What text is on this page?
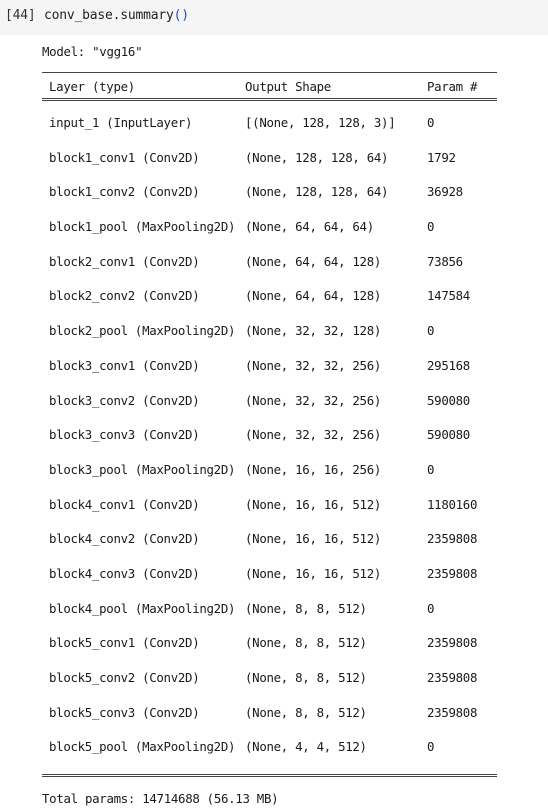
[44] conv_base.summary()
Model: "vgg16"
Layer (type)	Output Shape	Param #
input_1 (InputLayer)	[(None, 128, 128, 3)]	0
block1_conv1 (Conv2D)	(None, 128, 128, 64)	1792
block1_conv2 (Conv2D)	(None, 128, 128, 64)	36928
block1_pool (MaxPooling2D) (None, 64, 64, 64)	0
block2_conv1 (Conv2D)	(None, 64, 64, 128)	73856
block2_conv2 (Conv2D)	(None, 64, 64, 128)	147584
block2_pool (MaxPooling2D) (None, 32, 32, 128)	0
block3_conv1 (Conv2D)	(None, 32, 32, 256)	295168
block3_conv2 (Conv2D)	(None, 32, 32, 256)	590080
block3_conv3 (Conv2D)	(None, 32, 32, 256)	590080
block3_pool (MaxPooling2D) (None, 16, 16, 256)	0
block4_conv1 (Conv2D)	(None, 16, 16, 512)	1180160
block4_conv2 (Conv2D)	(None, 16, 16, 512)	2359808
block4_conv3 (Conv2D)	(None, 16, 16, 512)	2359808
block4_pool (MaxPooling2D) (None, 8, 8, 512)	0
block5_conv1 (Conv2D)	(None, 8, 8, 512)	2359808
block5_conv2 (Conv2D)	(None, 8, 8, 512)	2359808
block5_conv3 (Conv2D)	(None, 8, 8, 512)	2359808
block5_pool (MaxPooling2D) (None, 4, 4, 512)	0
Total params: 14714688 (56.13 MB)
